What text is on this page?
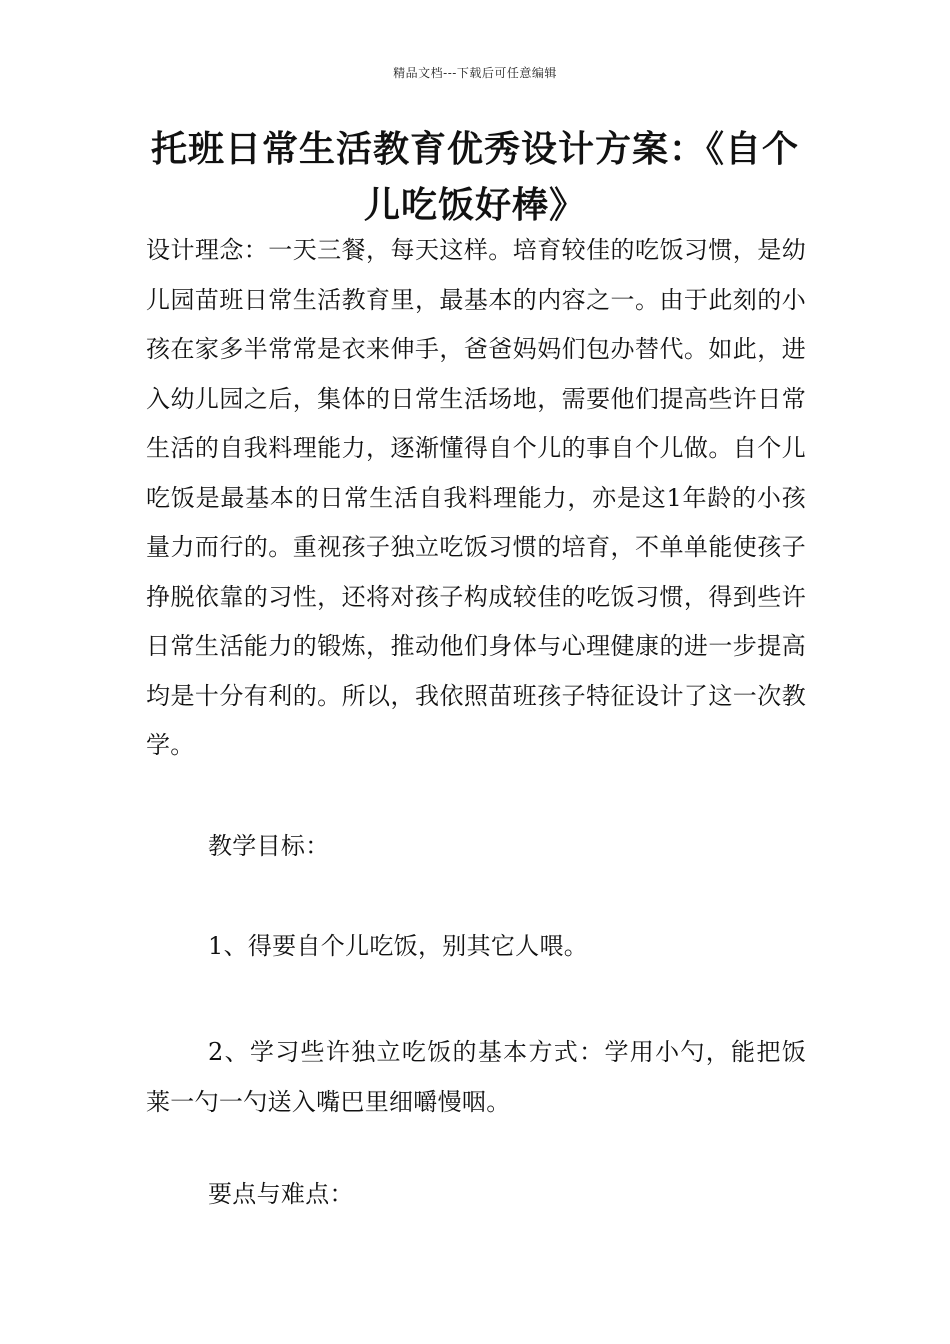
精品文档---下载后可任意编辑
托班日常生活教育优秀设计方案：《自个儿吃饭好棒》
设计理念：一天三餐，每天这样。培育较佳的吃饭习惯，是幼儿园苗班日常生活教育里，最基本的内容之一。由于此刻的小孩在家多半常常是衣来伸手，爸爸妈妈们包办替代。如此，进入幼儿园之后，集体的日常生活场地，需要他们提高些许日常生活的自我料理能力，逐渐懂得自个儿的事自个儿做。自个儿吃饭是最基本的日常生活自我料理能力，亦是这1年龄的小孩量力而行的。重视孩子独立吃饭习惯的培育，不单单能使孩子挣脱依靠的习性，还将对孩子构成较佳的吃饭习惯，得到些许日常生活能力的锻炼，推动他们身体与心理健康的进一步提高均是十分有利的。所以，我依照苗班孩子特征设计了这一次教学。
教学目标：
1、得要自个儿吃饭，别其它人喂。
2、学习些许独立吃饭的基本方式：学用小勺，能把饭莱一勺一勺送入嘴巴里细嚼慢咽。
要点与难点：
